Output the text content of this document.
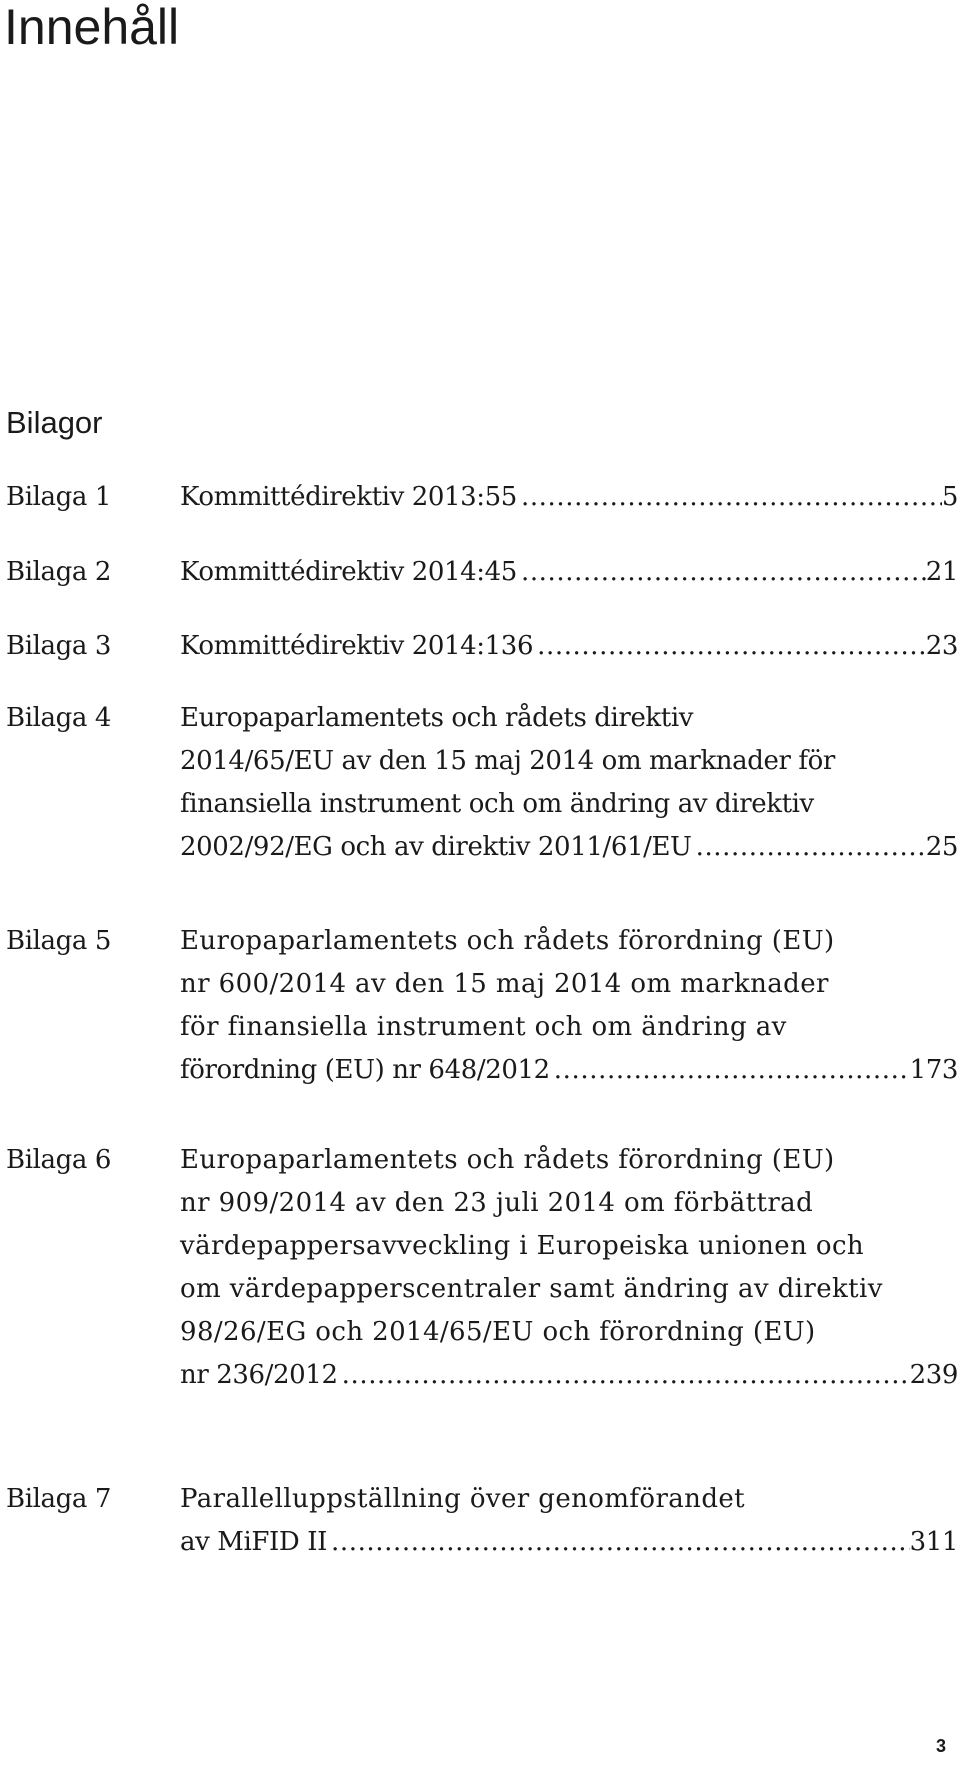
Innehåll
Bilagor
Bilaga 1	Kommittédirektiv 2013:55 .....	5
Bilaga 2	Kommittédirektiv 2014:45 .....	21
Bilaga 3	Kommittédirektiv 2014:136 .....	23
Bilaga 4	Europaparlamentets och rådets direktiv
2014/65/EU av den 15 maj 2014 om marknader för
finansiella instrument och om ändring av direktiv
2002/92/EG och av direktiv 2011/61/EU .....	25
Bilaga 5	Europaparlamentets och rådets förordning (EU)
nr 600/2014 av den 15 maj 2014 om marknader
för finansiella instrument och om ändring av
förordning (EU) nr 648/2012 .....	173
Bilaga 6	Europaparlamentets och rådets förordning (EU)
nr 909/2014 av den 23 juli 2014 om förbättrad
värdepappersavveckling i Europeiska unionen och
om värdepapperscentraler samt ändring av direktiv
98/26/EG och 2014/65/EU och förordning (EU)
nr 236/2012 .....	239
Bilaga 7	Parallelluppställning över genomförandet
av MiFID II .....	311
3
